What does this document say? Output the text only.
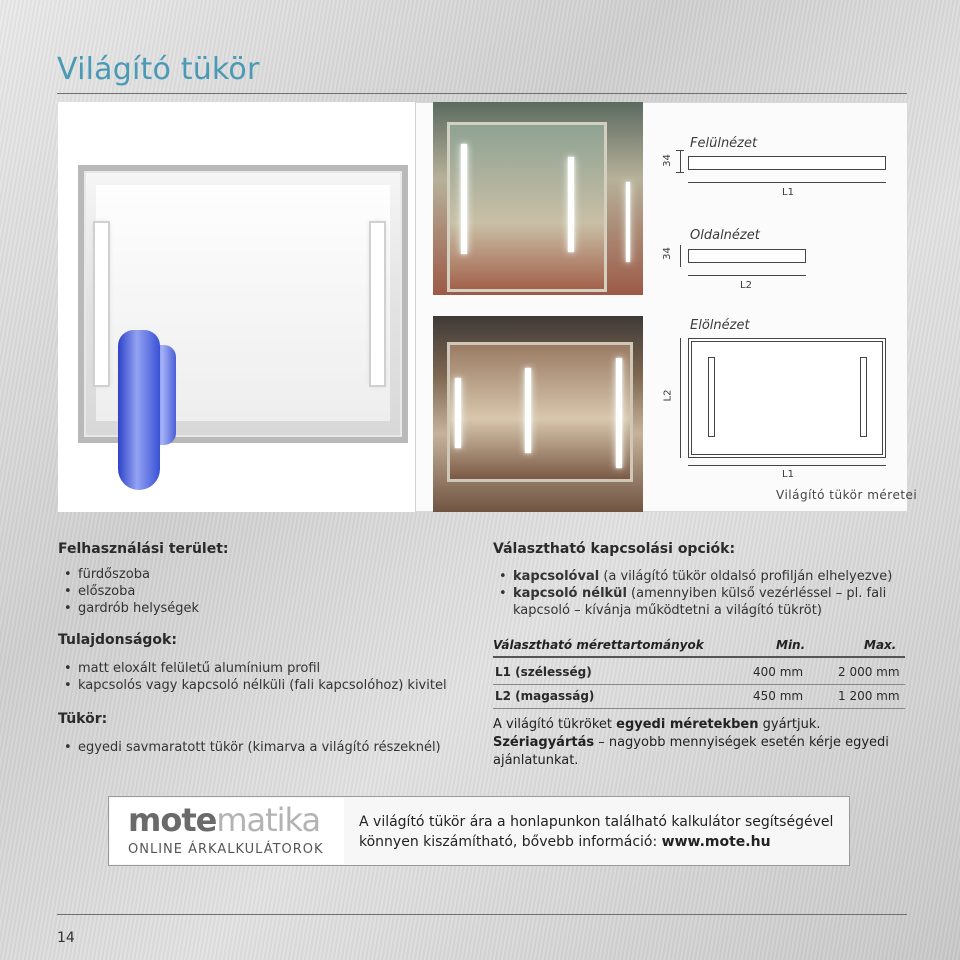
Világító tükör
34
Felülnézet
L1
34
Oldalnézet
L2
Elölnézet
L2
L1
Világító tükör méretei
Felhasználási terület:
• fürdőszoba
• előszoba
• gardrób helységek
Tulajdonságok:
• matt eloxált felületű alumínium profil
• kapcsolós vagy kapcsoló nélküli (fali kapcsolóhoz) kivitel
Tükör:
• egyedi savmaratott tükör (kimarva a világító részeknél)
Választható kapcsolási opciók:
• kapcsolóval (a világító tükör oldalsó profilján elhelyezve)
• kapcsoló nélkül (amennyiben külső vezérléssel – pl. fali kapcsoló – kívánja működtetni a világító tükröt)
Választható mérettartományok	Min.	Max.
L1 (szélesség)	400 mm	2 000 mm
L2 (magasság)	450 mm	1 200 mm
A világító tükröket egyedi méretekben gyártjuk.
Szériagyártás – nagyobb mennyiségek esetén kérje egyedi ajánlatunkat.
motematika
ONLINE ÁRKALKULÁTOROK
A világító tükör ára a honlapunkon található kalkulátor segítségével könnyen kiszámítható, bővebb információ: www.mote.hu
14
